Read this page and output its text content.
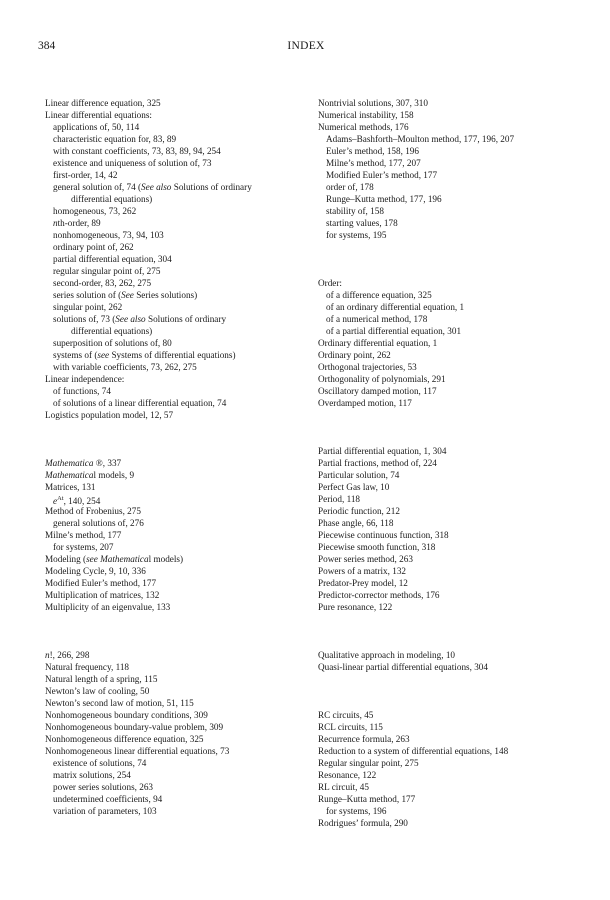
384	INDEX
Linear difference equation, 325
Linear differential equations:
applications of, 50, 114
characteristic equation for, 83, 89
with constant coefficients, 73, 83, 89, 94, 254
existence and uniqueness of solution of, 73
first-order, 14, 42
general solution of, 74 (See also Solutions of ordinary
differential equations)
homogeneous, 73, 262
nth-order, 89
nonhomogeneous, 73, 94, 103
ordinary point of, 262
partial differential equation, 304
regular singular point of, 275
second-order, 83, 262, 275
series solution of (See Series solutions)
singular point, 262
solutions of, 73 (See also Solutions of ordinary
differential equations)
superposition of solutions of, 80
systems of (see Systems of differential equations)
with variable coefficients, 73, 262, 275
Linear independence:
of functions, 74
of solutions of a linear differential equation, 74
Logistics population model, 12, 57
Mathematica ®, 337
Mathematical models, 9
Matrices, 131
$e^{At}$, 140, 254
Method of Frobenius, 275
general solutions of, 276
Milne’s method, 177
for systems, 207
Modeling (see Mathematical models)
Modeling Cycle, 9, 10, 336
Modified Euler’s method, 177
Multiplication of matrices, 132
Multiplicity of an eigenvalue, 133
n!, 266, 298
Natural frequency, 118
Natural length of a spring, 115
Newton’s law of cooling, 50
Newton’s second law of motion, 51, 115
Nonhomogeneous boundary conditions, 309
Nonhomogeneous boundary-value problem, 309
Nonhomogeneous difference equation, 325
Nonhomogeneous linear differential equations, 73
existence of solutions, 74
matrix solutions, 254
power series solutions, 263
undetermined coefficients, 94
variation of parameters, 103
Nontrivial solutions, 307, 310
Numerical instability, 158
Numerical methods, 176
Adams–Bashforth–Moulton method, 177, 196, 207
Euler’s method, 158, 196
Milne’s method, 177, 207
Modified Euler’s method, 177
order of, 178
Runge–Kutta method, 177, 196
stability of, 158
starting values, 178
for systems, 195
Order:
of a difference equation, 325
of an ordinary differential equation, 1
of a numerical method, 178
of a partial differential equation, 301
Ordinary differential equation, 1
Ordinary point, 262
Orthogonal trajectories, 53
Orthogonality of polynomials, 291
Oscillatory damped motion, 117
Overdamped motion, 117
Partial differential equation, 1, 304
Partial fractions, method of, 224
Particular solution, 74
Perfect Gas law, 10
Period, 118
Periodic function, 212
Phase angle, 66, 118
Piecewise continuous function, 318
Piecewise smooth function, 318
Power series method, 263
Powers of a matrix, 132
Predator-Prey model, 12
Predictor-corrector methods, 176
Pure resonance, 122
Qualitative approach in modeling, 10
Quasi-linear partial differential equations, 304
RC circuits, 45
RCL circuits, 115
Recurrence formula, 263
Reduction to a system of differential equations, 148
Regular singular point, 275
Resonance, 122
RL circuit, 45
Runge–Kutta method, 177
for systems, 196
Rodrigues’ formula, 290
